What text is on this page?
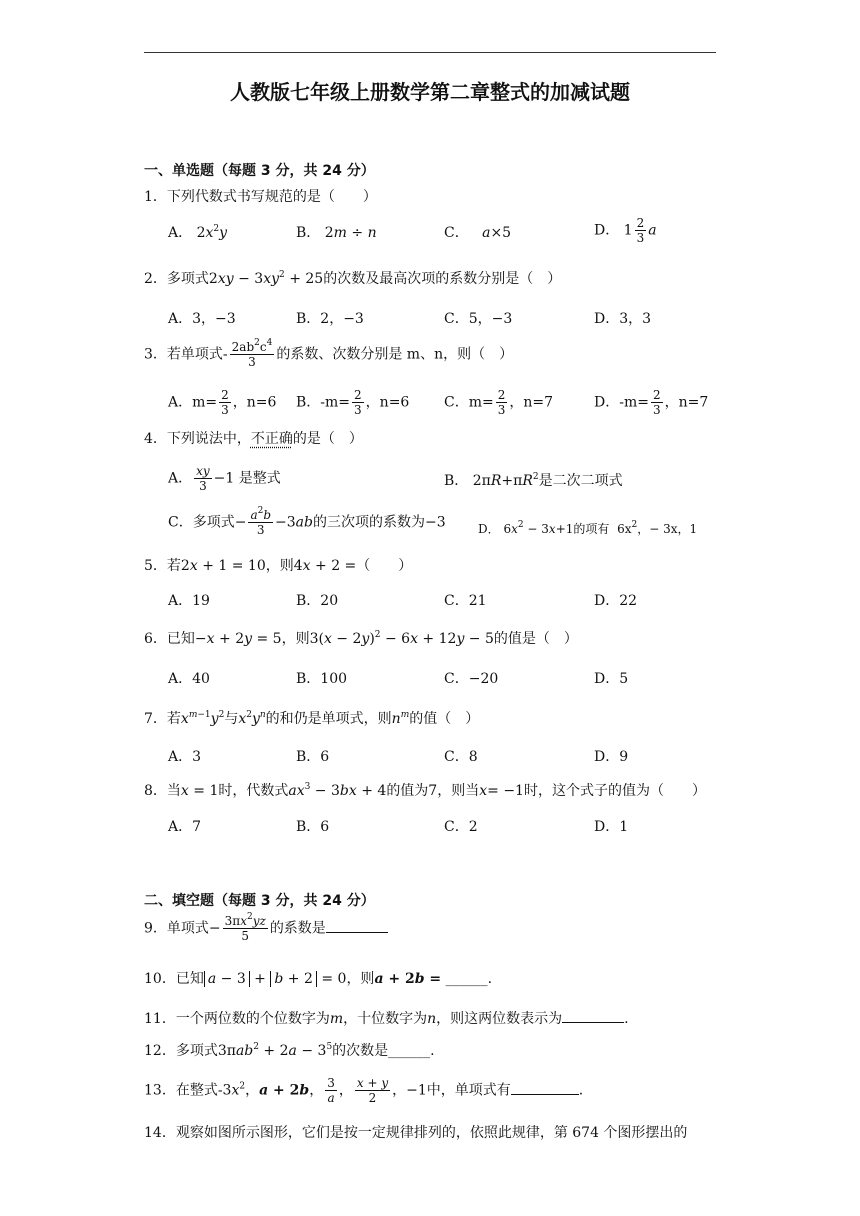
人教版七年级上册数学第二章整式的加减试题
一、单选题（每题 3 分，共 24 分）
1．下列代数式书写规范的是（　　）
A． $2x^2y$	B． 2m ÷ n	C． a×5	D． $1 \frac{2}{3}$ a
2．多项式$2xy - 3xy^2 + 25$的次数及最高次项的系数分别是（　）
A．3，−3	B．2，−3	C．5，−3	D．3，3
3．若单项式- $\frac{2ab^2c^4}{3}$ 的系数、次数分别是 m、n，则（　）
A．$m= \frac{2}{3}$ ，n=6 B．$-m= \frac{2}{3}$ ，n=6 C．$m= \frac{2}{3}$ ，n=7	D．$-m= \frac{2}{3}$ ，n=7
4．下列说法中，不正确的是（　）
A． $\frac{xy}{3} -1$ 是整式	B． $2\pi R+\pi R^2$是二次二项式
C．多项式− $\frac{a^2b}{3} -3ab$的三次项的系数为−3	D． $6x^2 - 3x+1$的项有 $6x^2$，− 3x，1
5．若2x + 1 = 10，则4x + 2 =（　　）
A．19	B．20	C．21	D．22
6．已知−x + 2y = 5，则$3(x - 2y)^2 - 6x + 12y - 5$的值是（　）
A．40	B．100	C．−20	D．5
7．若$x^{m-1}y^2$与$x^2y^n$的和仍是单项式，则$n^m$的值（　）
A．3	B．6	C．8	D．9
8．当x = 1时，代数式$ax^3 - 3bx + 4$的值为7，则当x= −1时，这个式子的值为（　　）
A．7	B．6	C．2	D．1
二、填空题（每题 3 分，共 24 分）
9．单项式− $\frac{3\pi x^2yz}{5}$ 的系数是
10．已知 a − 3 + b + 2 = 0，则a + 2b = ______.
11．一个两位数的个位数字为m，十位数字为n，则这两位数表示为	.
12．多项式$3\pi ab^2 + 2a - 3^5$的次数是______.
13．在整式$-3x^2$，a + 2b， $\frac{3}{a}$ ， $\frac{x + y}{2}$ ，−1中，单项式有	.
14．观察如图所示图形，它们是按一定规律排列的，依照此规律，第 674 个图形摆出的
